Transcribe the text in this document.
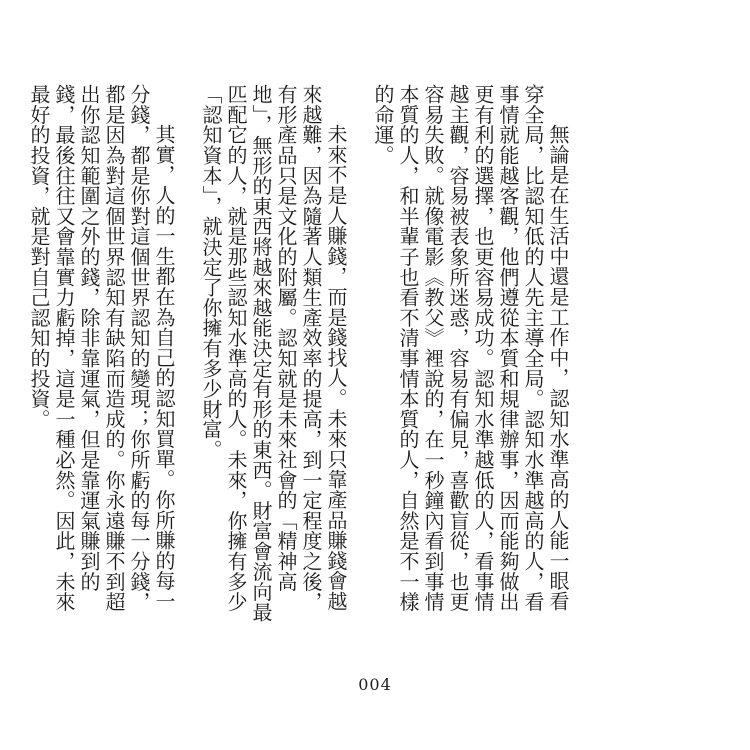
無論是在生活中還是工作中，認知水準高的人能一眼看穿全局，比認知低的人先主導全局。認知水準越高的人，看事情就能越客觀，他們遵從本質和規律辦事，因而能夠做出更有利的選擇，也更容易成功。認知水準越低的人，看事情越主觀，容易被表象所迷惑，容易有偏見，喜歡盲從，也更容易失敗。就像電影《教父》裡說的，在一秒鐘內看到事情本質的人，和半輩子也看不清事情本質的人，自然是不一樣的命運。

未來不是人賺錢，而是錢找人。未來只靠產品賺錢會越來越難，因為隨著人類生產效率的提高，到一定程度之後，有形產品只是文化的附屬。認知就是未來社會的「精神高地」，無形的東西將越來越能決定有形的東西。財富會流向最匹配它的人，就是那些認知水準高的人。未來，你擁有多少「認知資本」，就決定了你擁有多少財富。

其實，人的一生都在為自己的認知買單。你所賺的每一分錢，都是你對這個世界認知的變現；你所虧的每一分錢，都是因為對這個世界認知有缺陷而造成的。你永遠賺不到超出你認知範圍之外的錢，除非靠運氣，但是靠運氣賺到的錢，最後往往又會靠實力虧掉，這是一種必然。因此，未來最好的投資，就是對自己認知的投資。

004
